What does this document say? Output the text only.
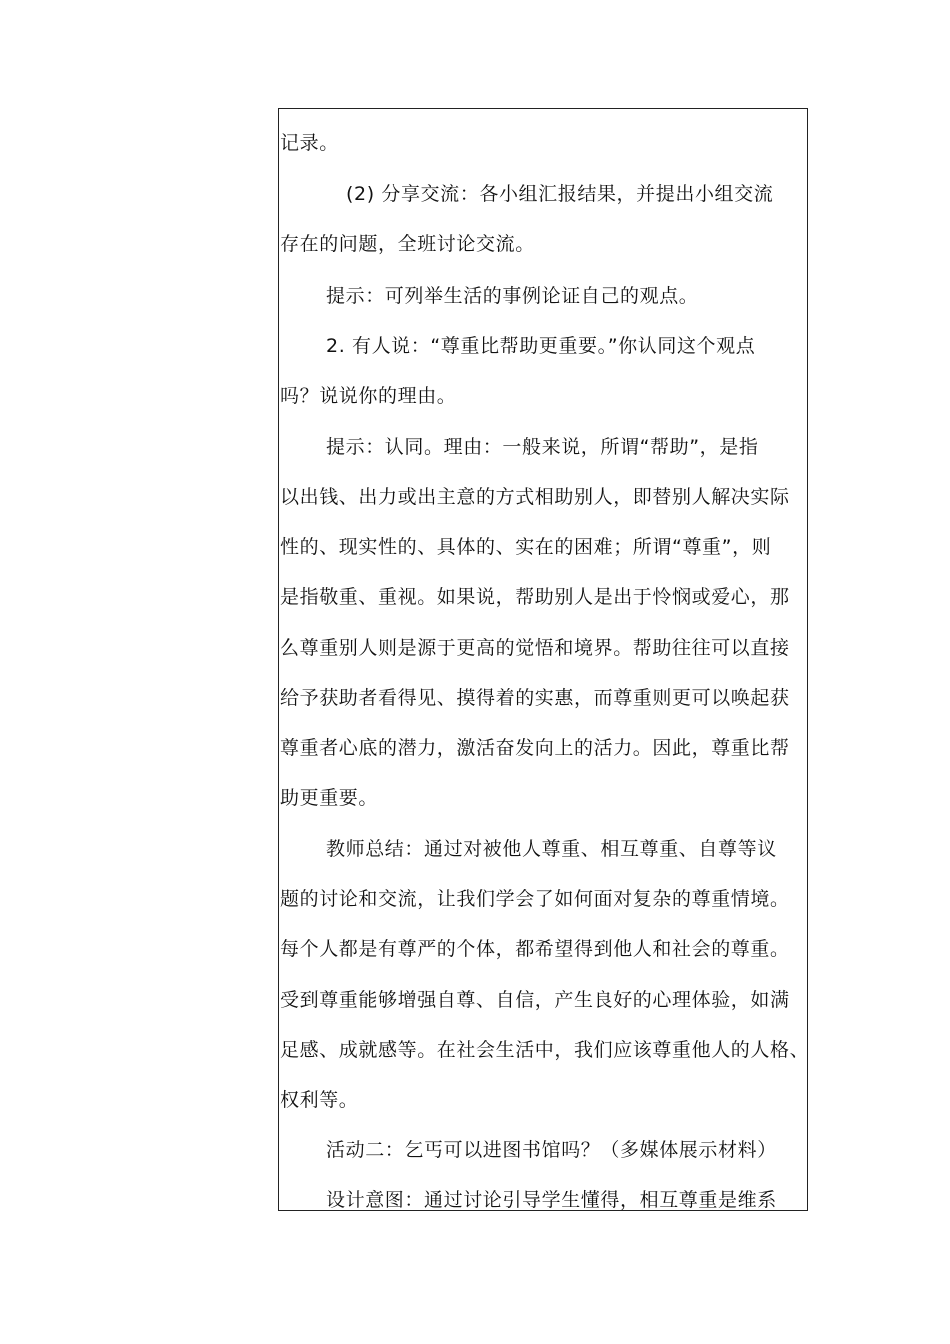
记录。
(2) 分享交流：各小组汇报结果，并提出小组交流
存在的问题，全班讨论交流。
提示：可列举生活的事例论证自己的观点。
2. 有人说：“尊重比帮助更重要。”你认同这个观点
吗？说说你的理由。
提示：认同。理由：一般来说，所谓“帮助”，是指
以出钱、出力或出主意的方式相助别人，即替别人解决实际
性的、现实性的、具体的、实在的困难；所谓“尊重”，则
是指敬重、重视。如果说，帮助别人是出于怜悯或爱心，那
么尊重别人则是源于更高的觉悟和境界。帮助往往可以直接
给予获助者看得见、摸得着的实惠，而尊重则更可以唤起获
尊重者心底的潜力，激活奋发向上的活力。因此，尊重比帮
助更重要。
教师总结：通过对被他人尊重、相互尊重、自尊等议
题的讨论和交流，让我们学会了如何面对复杂的尊重情境。
每个人都是有尊严的个体，都希望得到他人和社会的尊重。
受到尊重能够增强自尊、自信，产生良好的心理体验，如满
足感、成就感等。在社会生活中，我们应该尊重他人的人格、
权利等。
活动二：乞丐可以进图书馆吗？（多媒体展示材料）
设计意图：通过讨论引导学生懂得，相互尊重是维系
